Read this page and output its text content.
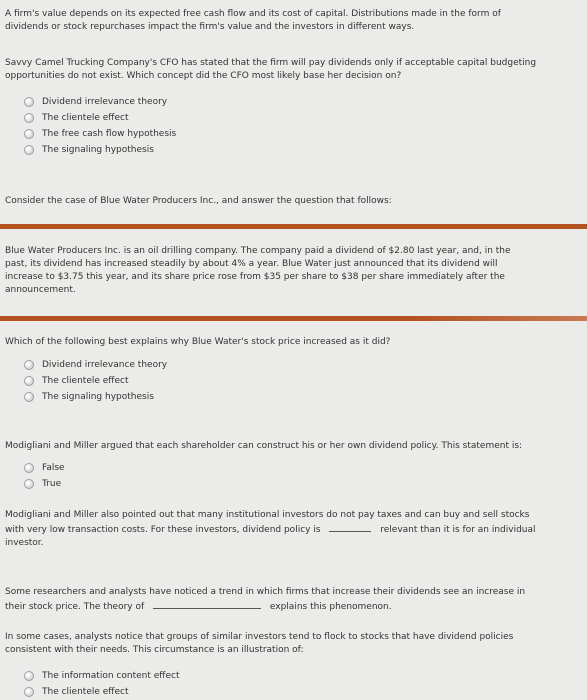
A firm's value depends on its expected free cash flow and its cost of capital. Distributions made in the form of

dividends or stock repurchases impact the firm's value and the investors in different ways.

Savvy Camel Trucking Company's CFO has stated that the firm will pay dividends only if acceptable capital budgeting

opportunities do not exist. Which concept did the CFO most likely base her decision on?

Dividend irrelevance theory
The clientele effect
The free cash flow hypothesis
The signaling hypothesis

Consider the case of Blue Water Producers Inc., and answer the question that follows:

Blue Water Producers Inc. is an oil drilling company. The company paid a dividend of $2.80 last year, and, in the

past, its dividend has increased steadily by about 4% a year. Blue Water just announced that its dividend will

increase to $3.75 this year, and its share price rose from $35 per share to $38 per share immediately after the

announcement.

Which of the following best explains why Blue Water's stock price increased as it did?

Dividend irrelevance theory
The clientele effect
The signaling hypothesis

Modigliani and Miller argued that each shareholder can construct his or her own dividend policy. This statement is:

False
True

Modigliani and Miller also pointed out that many institutional investors do not pay taxes and can buy and sell stocks

with very low transaction costs. For these investors, dividend policy is	relevant than it is for an individual

investor.

Some researchers and analysts have noticed a trend in which firms that increase their dividends see an increase in

their stock price. The theory of	explains this phenomenon.

In some cases, analysts notice that groups of similar investors tend to flock to stocks that have dividend policies

consistent with their needs. This circumstance is an illustration of:

The information content effect
The clientele effect
